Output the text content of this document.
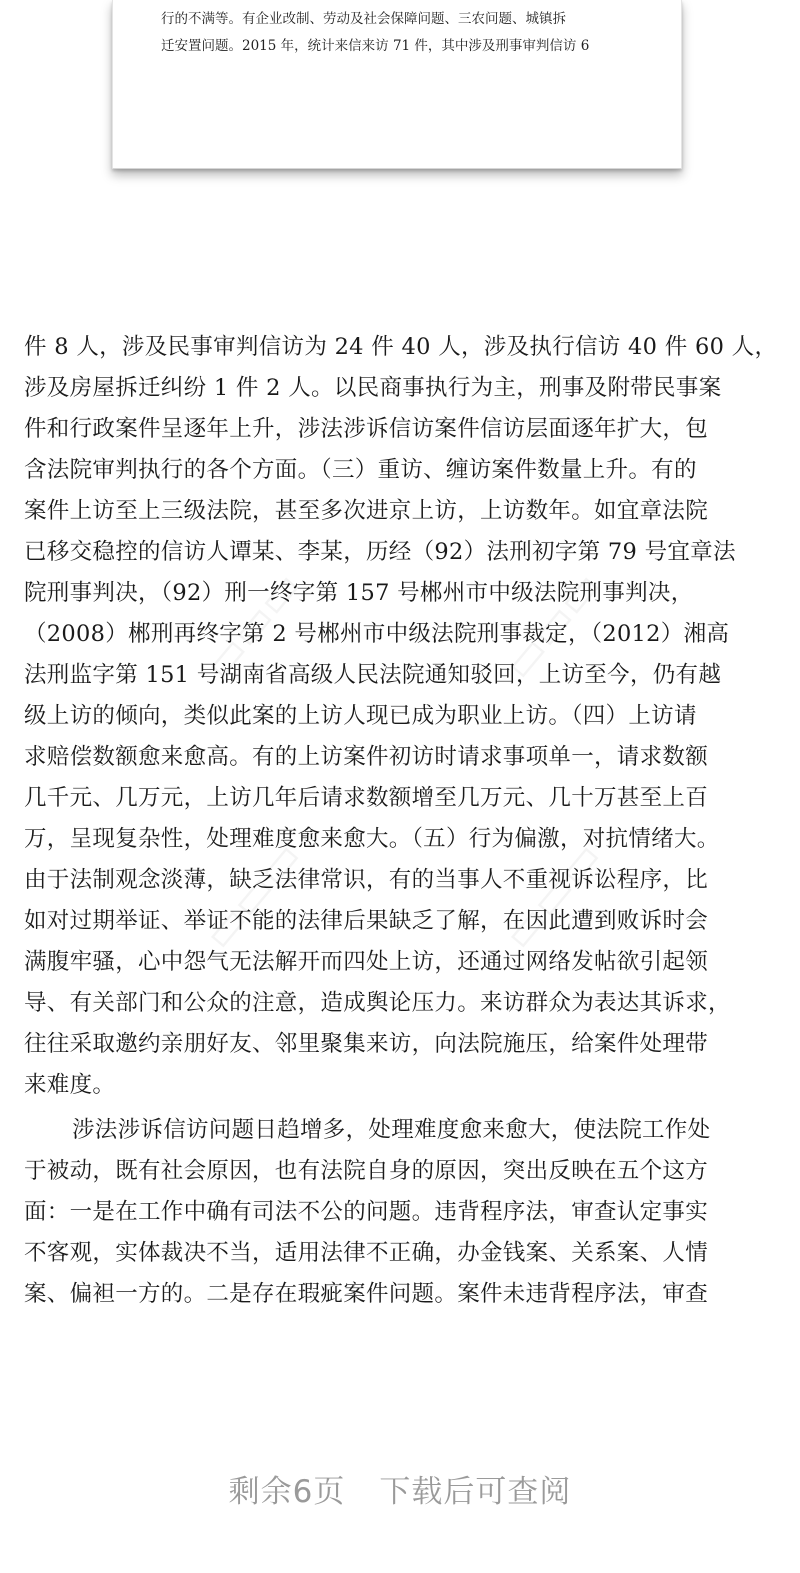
行的不满等。有企业改制、劳动及社会保障问题、三农问题、城镇拆
迁安置问题。2015 年，统计来信来访 71 件，其中涉及刑事审判信访 6
件 8 人，涉及民事审判信访为 24 件 40 人，涉及执行信访 40 件 60 人，
涉及房屋拆迁纠纷 1 件 2 人。以民商事执行为主，刑事及附带民事案
件和行政案件呈逐年上升，涉法涉诉信访案件信访层面逐年扩大，包
含法院审判执行的各个方面。（三）重访、缠访案件数量上升。有的
案件上访至上三级法院，甚至多次进京上访，上访数年。如宜章法院
已移交稳控的信访人谭某、李某，历经（92）法刑初字第 79 号宜章法
院刑事判决，（92）刑一终字第 157 号郴州市中级法院刑事判决，
（2008）郴刑再终字第 2 号郴州市中级法院刑事裁定，（2012）湘高
法刑监字第 151 号湖南省高级人民法院通知驳回，上访至今，仍有越
级上访的倾向，类似此案的上访人现已成为职业上访。（四）上访请
求赔偿数额愈来愈高。有的上访案件初访时请求事项单一，请求数额
几千元、几万元，上访几年后请求数额增至几万元、几十万甚至上百
万，呈现复杂性，处理难度愈来愈大。（五）行为偏激，对抗情绪大。
由于法制观念淡薄，缺乏法律常识，有的当事人不重视诉讼程序，比
如对过期举证、举证不能的法律后果缺乏了解，在因此遭到败诉时会
满腹牢骚，心中怨气无法解开而四处上访，还通过网络发帖欲引起领
导、有关部门和公众的注意，造成舆论压力。来访群众为表达其诉求，
往往采取邀约亲朋好友、邻里聚集来访，向法院施压，给案件处理带
来难度。
涉法涉诉信访问题日趋增多，处理难度愈来愈大，使法院工作处
于被动，既有社会原因，也有法院自身的原因，突出反映在五个这方
面：一是在工作中确有司法不公的问题。违背程序法，审查认定事实
不客观，实体裁决不当，适用法律不正确，办金钱案、关系案、人情
案、偏袒一方的。二是存在瑕疵案件问题。案件未违背程序法，审查
剩余6页 下载后可查阅
